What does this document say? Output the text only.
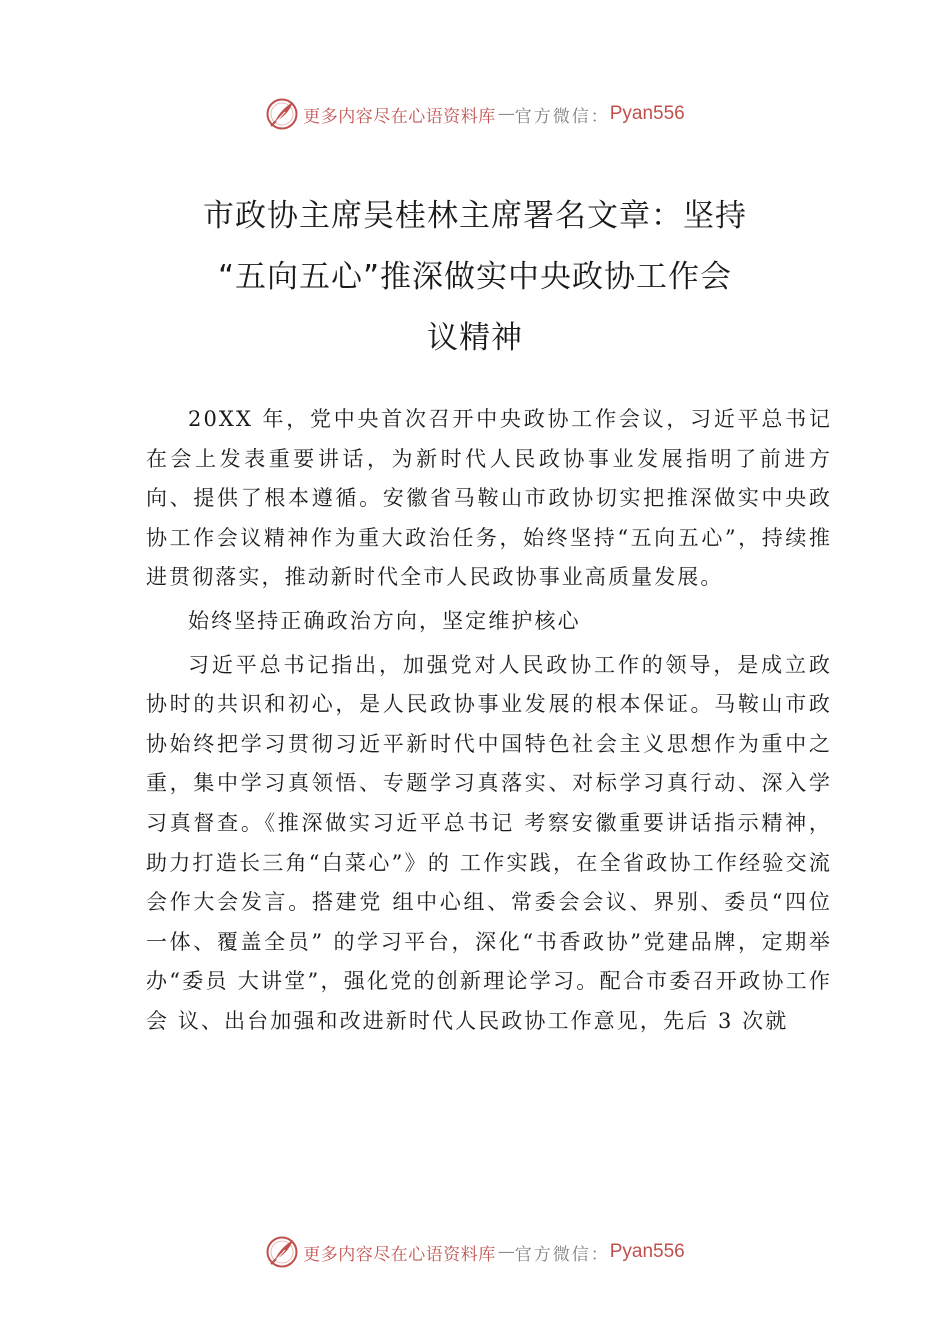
更多内容尽在心语资料库 — 官方微信： Pyan556
市政协主席吴桂林主席署名文章：坚持
“五向五心”推深做实中央政协工作会
议精神

20XX 年，党中央首次召开中央政协工作会议，习近平总书记在会上发表重要讲话，为新时代人民政协事业发展指明了前进方向、提供了根本遵循。安徽省马鞍山市政协切实把推深做实中央政协工作会议精神作为重大政治任务，始终坚持“五向五心”，持续推进贯彻落实，推动新时代全市人民政协事业高质量发展。

始终坚持正确政治方向，坚定维护核心

习近平总书记指出，加强党对人民政协工作的领导，是成立政协时的共识和初心，是人民政协事业发展的根本保证。马鞍山市政协始终把学习贯彻习近平新时代中国特色社会主义思想作为重中之重，集中学习真领悟、专题学习真落实、对标学习真行动、深入学习真督查。《推深做实习近平总书记 考察安徽重要讲话指示精神，助力打造长三角“白菜心”》的 工作实践，在全省政协工作经验交流会作大会发言。搭建党 组中心组、常委会会议、界别、委员“四位一体、覆盖全员” 的学习平台，深化“书香政协”党建品牌，定期举办“委员 大讲堂”，强化党的创新理论学习。配合市委召开政协工作会 议、出台加强和改进新时代人民政协工作意见，先后 3 次就

更多内容尽在心语资料库 — 官方微信： Pyan556
